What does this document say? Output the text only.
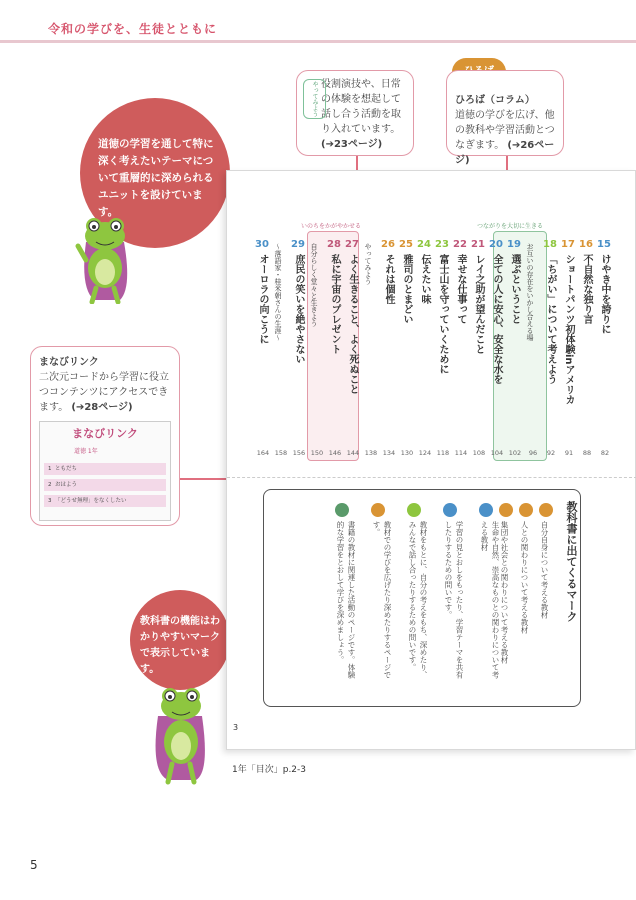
令和の学びを、生徒とともに
やってみよう 役割演技や、日常の体験を想起して話し合う活動を取り入れています。
(➔23ページ)
ひろば（コラム）
道徳の学びを広げ、他の教科や学習活動とつなぎます。 (➔26ページ)
道徳の学習を通して特に深く考えたいテーマについて重層的に深められるユニットを設けています。
まなびリンク
二次元コードから学習に役立つコンテンツにアクセスできます。 (➔28ページ)
まなびリンク
道徳 1年
1 ともだち
2 おはよう
3 「どうせ無理」をなくしたい
教科書の機能はわかりやすいマークで表示しています。
いのちをかがやかせる	つながりを大切に生きる
15
けやき中を誇りに
82
16
不自然な独り言
88
17
ショートパンツ初体験inアメリカ
91
18
「ちがい」について考えよう
92
お互いの存在をいかし合える場
96
19
選ぶということ
102
20
全ての人に安心、安全な水を
104
21
レイ之助が望んだこと
108
22
幸せな仕事って
114
23
富士山を守っていくために
118
24
伝えたい味
124
25
雅司のとまどい
130
26
それは個性
134
やってみよう
138
27
よく生きること、よく死ぬこと
144
28
私に宇宙のプレゼント
146
自分らしく堂々と生きよう
150
29
庶民の笑いを絶やさない
156
〜落語家・桂米朝さんの生涯〜
158
30
オーロラの向こうに
164
教科書に出てくるマーク
自分自身について考える教材
人との関わりについて考える教材
集団や社会との関わりについて考える教材
生命や自然、崇高なものとの関わりについて考える教材
学習の見とおしをもったり、学習テーマを共有したりするための問いです。
教材をもとに、自分の考えをもち、深めたり、みんなで話し合ったりするための問いです。
教材での学びを広げたり深めたりするページです。
書籍の教材に関連した活動のページです。体験的な学習をとおして学びを深めましょう。
3
1年「目次」p.2-3
5
